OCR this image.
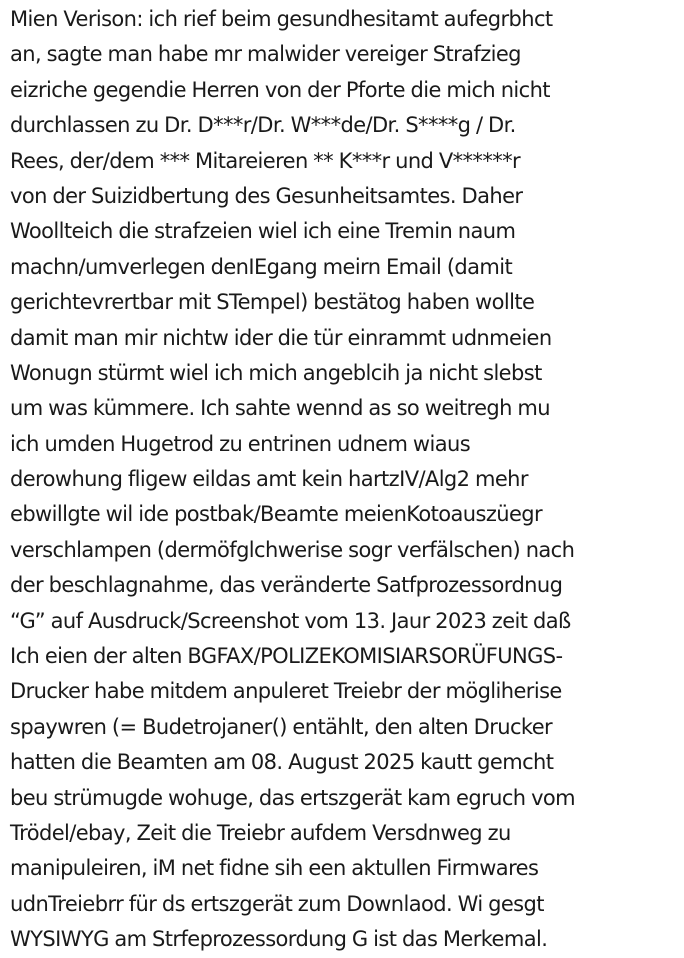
Mien Verison: ich rief beim gesundhesitamt aufegrbhct
an, sagte man habe mr malwider vereiger Strafzieg
eizriche gegendie Herren von der Pforte die mich nicht
durchlassen zu Dr. D***r/Dr. W***de/Dr. S****g / Dr.
Rees, der/dem *** Mitareieren ** K***r und V******r
von der Suizidbertung des Gesunheitsamtes. Daher
Woollteich die strafzeien wiel ich eine Tremin naum
machn/umverlegen denIEgang meirn Email (damit
gerichtevrertbar mit STempel) bestätog haben wollte
damit man mir nichtw ider die tür einrammt udnmeien
Wonugn stürmt wiel ich mich angeblcih ja nicht slebst
um was kümmere. Ich sahte wennd as so weitregh mu
ich umden Hugetrod zu entrinen udnem wiaus
derowhung fligew eildas amt kein hartzIV/Alg2 mehr
ebwillgte wil ide postbak/Beamte meienKotoauszüegr
verschlampen (dermöfglchwerise sogr verfälschen) nach
der beschlagnahme, das veränderte Satfprozessordnug
“G” auf Ausdruck/Screenshot vom 13. Jaur 2023 zeit daß
Ich eien der alten BGFAX/POLIZEKOMISIARSORÜFUNGS-
Drucker habe mitdem anpuleret Treiebr der mögliherise
spaywren (= Budetrojaner() entählt, den alten Drucker
hatten die Beamten am 08. August 2025 kautt gemcht
beu strümugde wohuge, das ertszgerät kam egruch vom
Trödel/ebay, Zeit die Treiebr aufdem Versdnweg zu
manipuleiren, iM net fidne sih een aktullen Firmwares
udnTreiebrr für ds ertszgerät zum Downlaod. Wi gesgt
WYSIWYG am Strfeprozessordung G ist das Merkemal.
